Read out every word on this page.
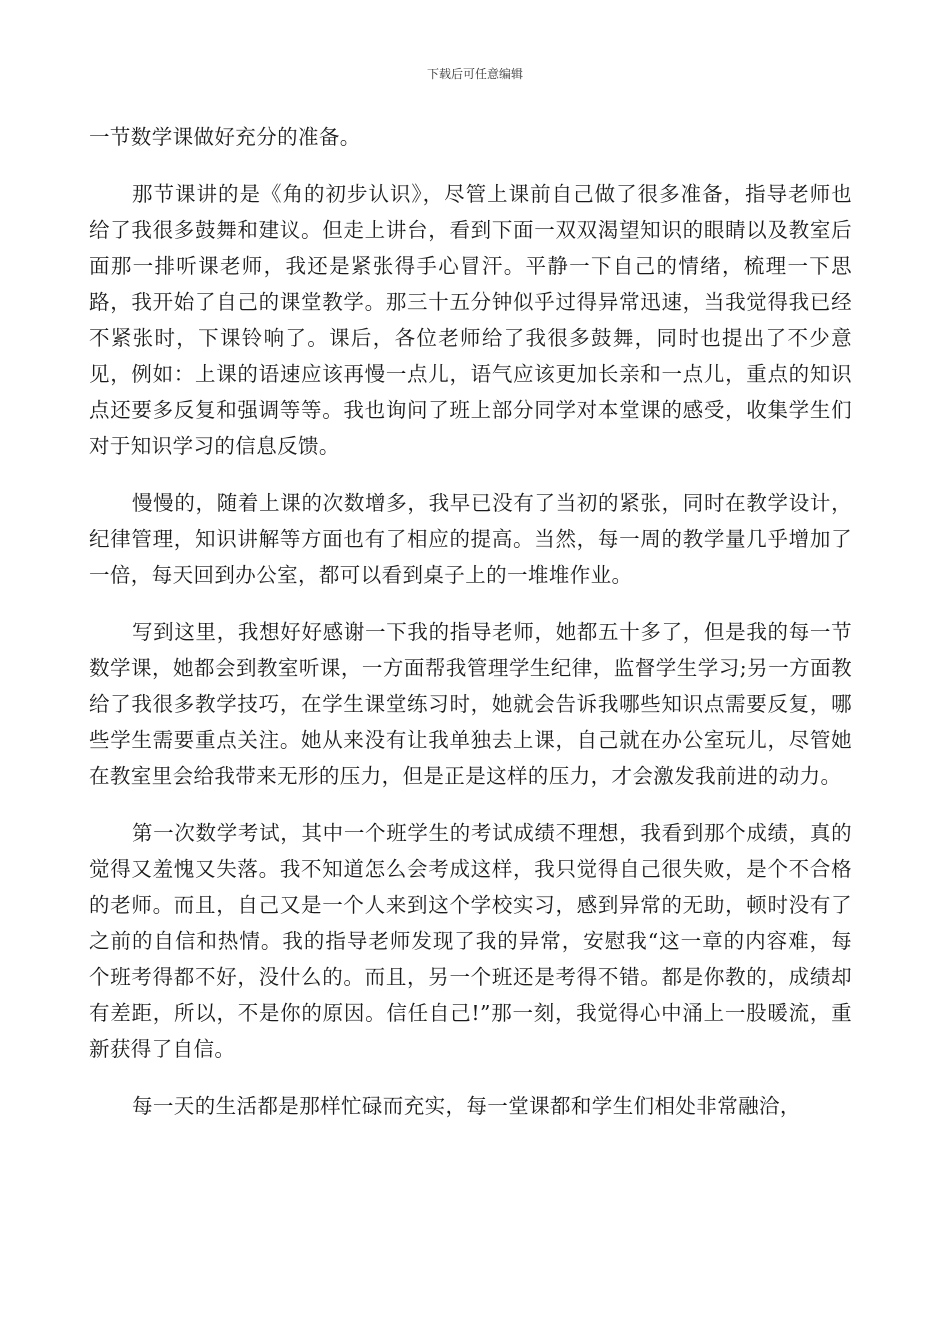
下载后可任意编辑

一节数学课做好充分的准备。

那节课讲的是《角的初步认识》，尽管上课前自己做了很多准备，指导老师也给了我很多鼓舞和建议。但走上讲台，看到下面一双双渴望知识的眼睛以及教室后面那一排听课老师，我还是紧张得手心冒汗。平静一下自己的情绪，梳理一下思路，我开始了自己的课堂教学。那三十五分钟似乎过得异常迅速，当我觉得我已经不紧张时，下课铃响了。课后，各位老师给了我很多鼓舞，同时也提出了不少意见，例如：上课的语速应该再慢一点儿，语气应该更加长亲和一点儿，重点的知识点还要多反复和强调等等。我也询问了班上部分同学对本堂课的感受，收集学生们对于知识学习的信息反馈。

慢慢的，随着上课的次数增多，我早已没有了当初的紧张，同时在教学设计，纪律管理，知识讲解等方面也有了相应的提高。当然，每一周的教学量几乎增加了一倍，每天回到办公室，都可以看到桌子上的一堆堆作业。

写到这里，我想好好感谢一下我的指导老师，她都五十多了，但是我的每一节数学课，她都会到教室听课，一方面帮我管理学生纪律，监督学生学习;另一方面教给了我很多教学技巧，在学生课堂练习时，她就会告诉我哪些知识点需要反复，哪些学生需要重点关注。她从来没有让我单独去上课，自己就在办公室玩儿，尽管她在教室里会给我带来无形的压力，但是正是这样的压力，才会激发我前进的动力。

第一次数学考试，其中一个班学生的考试成绩不理想，我看到那个成绩，真的觉得又羞愧又失落。我不知道怎么会考成这样，我只觉得自己很失败，是个不合格的老师。而且，自己又是一个人来到这个学校实习，感到异常的无助，顿时没有了之前的自信和热情。我的指导老师发现了我的异常，安慰我“这一章的内容难，每个班考得都不好，没什么的。而且，另一个班还是考得不错。都是你教的，成绩却有差距，所以，不是你的原因。信任自己!”那一刻，我觉得心中涌上一股暖流，重新获得了自信。

每一天的生活都是那样忙碌而充实，每一堂课都和学生们相处非常融洽，
